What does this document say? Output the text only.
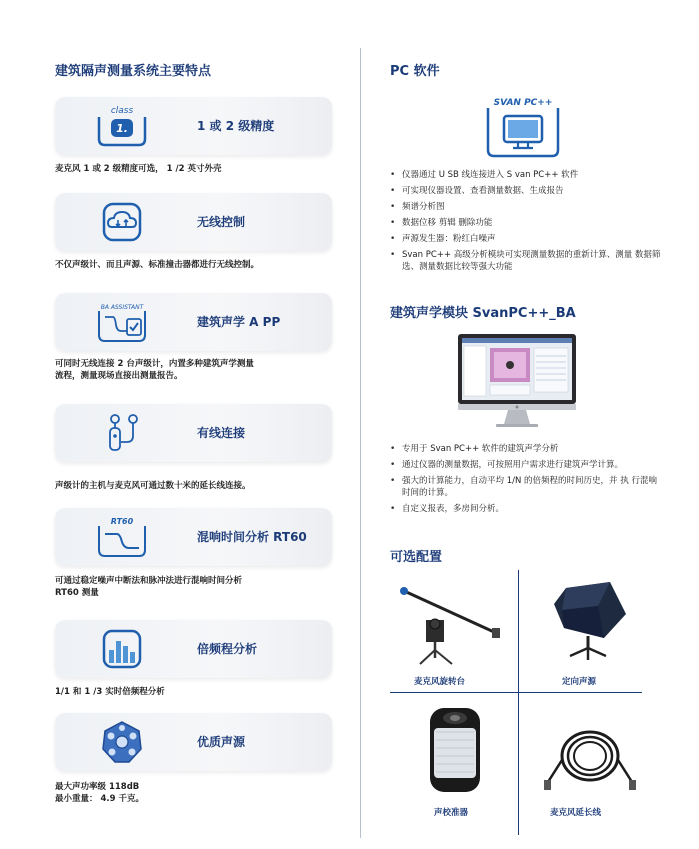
建筑隔声测量系统主要特点
1.
class
1 或 2 级精度
麦克风 1 或 2 级精度可选， 1 /2 英寸外壳
无线控制
不仅声级计、而且声源、标准撞击器都进行无线控制。
BA ASSISTANT
建筑声学 A PP
可同时无线连接 2 台声级计，内置多种建筑声学测量
流程，测量现场直接出测量报告。
有线连接
声级计的主机与麦克风可通过数十米的延长线连接。
RT60
混响时间分析 RT60
可通过稳定噪声中断法和脉冲法进行混响时间分析
RT60 测量
倍频程分析
1/1 和 1 /3 实时倍频程分析
优质声源
最大声功率级 118dB
最小重量： 4.9 千克。
PC 软件
SVAN PC++
• 仪器通过 U SB 线连接进入 S van PC++ 软件
• 可实现仪器设置、查看测量数据、生成报告
• 频谱分析图
• 数据位移 剪辑 删除功能
• 声源发生器：粉红白噪声
• Svan PC++ 高级分析模块可实现测量数据的重新计算、测量 数据筛选、测量数据比较等强大功能
建筑声学模块 SvanPC++_BA
• 专用于 Svan PC++ 软件的建筑声学分析
• 通过仪器的测量数据，可按照用户需求进行建筑声学计算。
• 强大的计算能力，自动平均 1/N 的倍频程的时间历史，并 执 行混响时间的计算。
• 自定义报表，多房间分析。
可选配置
麦克风旋转台	定向声源
声校准器	麦克风延长线
